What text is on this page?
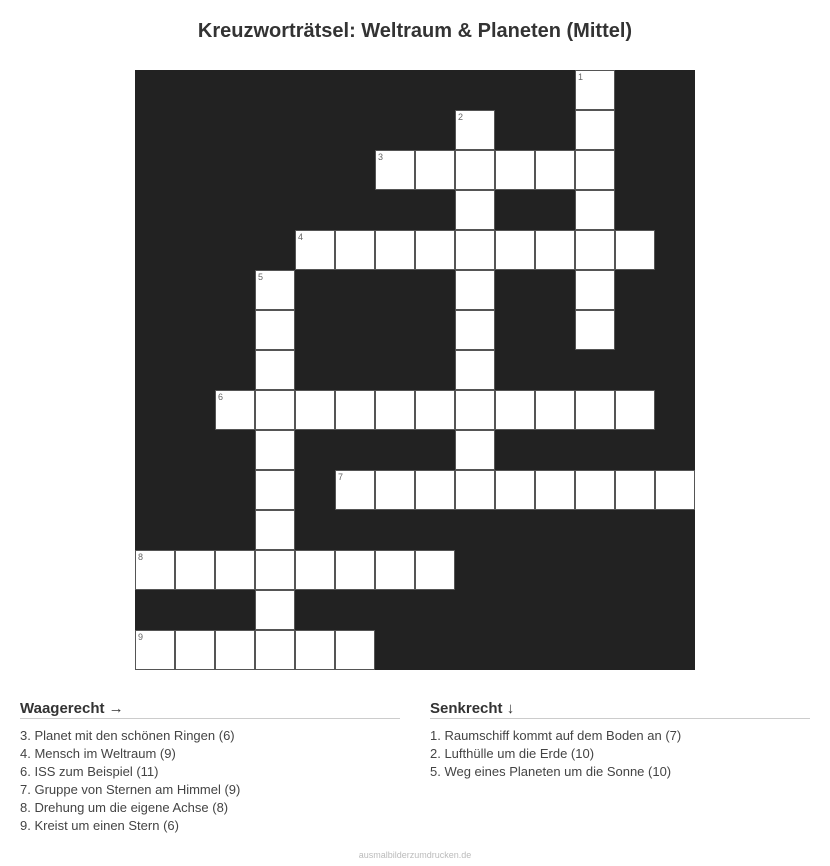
Kreuzworträtsel: Weltraum & Planeten (Mittel)
1
2
3
4
5
6
7
8
9
Waagerecht →
3. Planet mit den schönen Ringen (6)
4. Mensch im Weltraum (9)
6. ISS zum Beispiel (11)
7. Gruppe von Sternen am Himmel (9)
8. Drehung um die eigene Achse (8)
9. Kreist um einen Stern (6)
Senkrecht ↓
1. Raumschiff kommt auf dem Boden an (7)
2. Lufthülle um die Erde (10)
5. Weg eines Planeten um die Sonne (10)
ausmalbilderzumdrucken.de
